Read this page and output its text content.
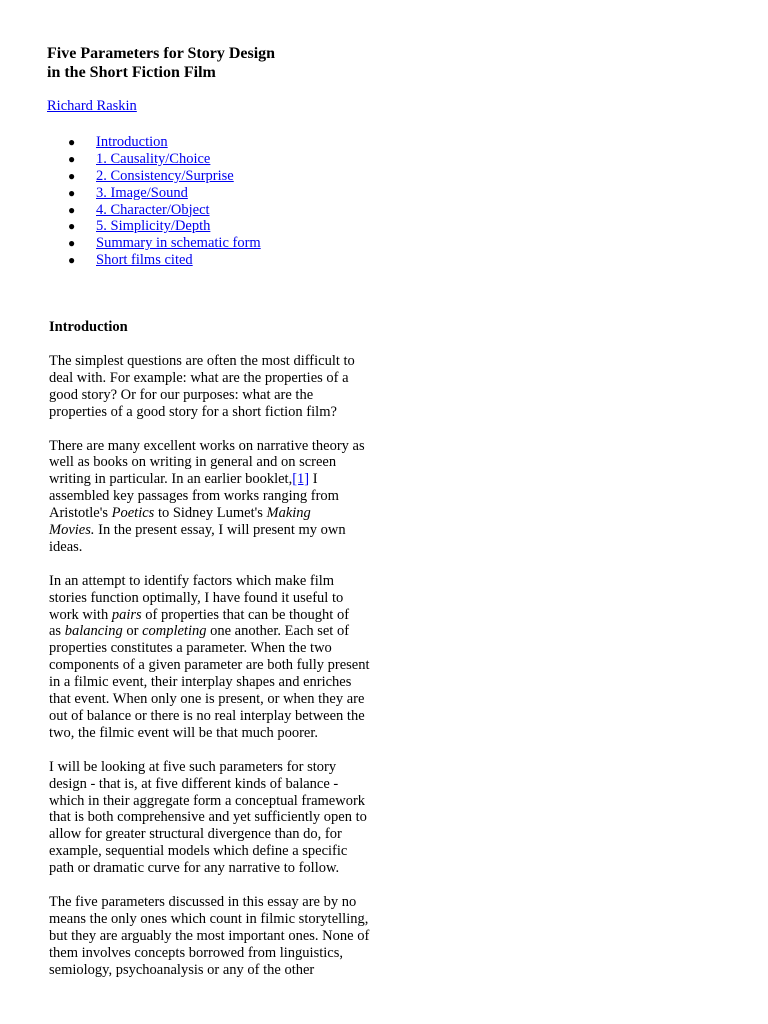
Five Parameters for Story Design
in the Short Fiction Film
Richard Raskin
● Introduction
● 1. Causality/Choice
● 2. Consistency/Surprise
● 3. Image/Sound
● 4. Character/Object
● 5. Simplicity/Depth
● Summary in schematic form
● Short films cited
Introduction

The simplest questions are often the most difficult to
deal with. For example: what are the properties of a
good story? Or for our purposes: what are the
properties of a good story for a short fiction film?

There are many excellent works on narrative theory as
well as books on writing in general and on screen
writing in particular. In an earlier booklet,[1] I
assembled key passages from works ranging from
Aristotle's Poetics to Sidney Lumet's Making
Movies. In the present essay, I will present my own
ideas.

In an attempt to identify factors which make film
stories function optimally, I have found it useful to
work with pairs of properties that can be thought of
as balancing or completing one another. Each set of
properties constitutes a parameter. When the two
components of a given parameter are both fully present
in a filmic event, their interplay shapes and enriches
that event. When only one is present, or when they are
out of balance or there is no real interplay between the
two, the filmic event will be that much poorer.

I will be looking at five such parameters for story
design - that is, at five different kinds of balance -
which in their aggregate form a conceptual framework
that is both comprehensive and yet sufficiently open to
allow for greater structural divergence than do, for
example, sequential models which define a specific
path or dramatic curve for any narrative to follow.

The five parameters discussed in this essay are by no
means the only ones which count in filmic storytelling,
but they are arguably the most important ones. None of
them involves concepts borrowed from linguistics,
semiology, psychoanalysis or any of the other
